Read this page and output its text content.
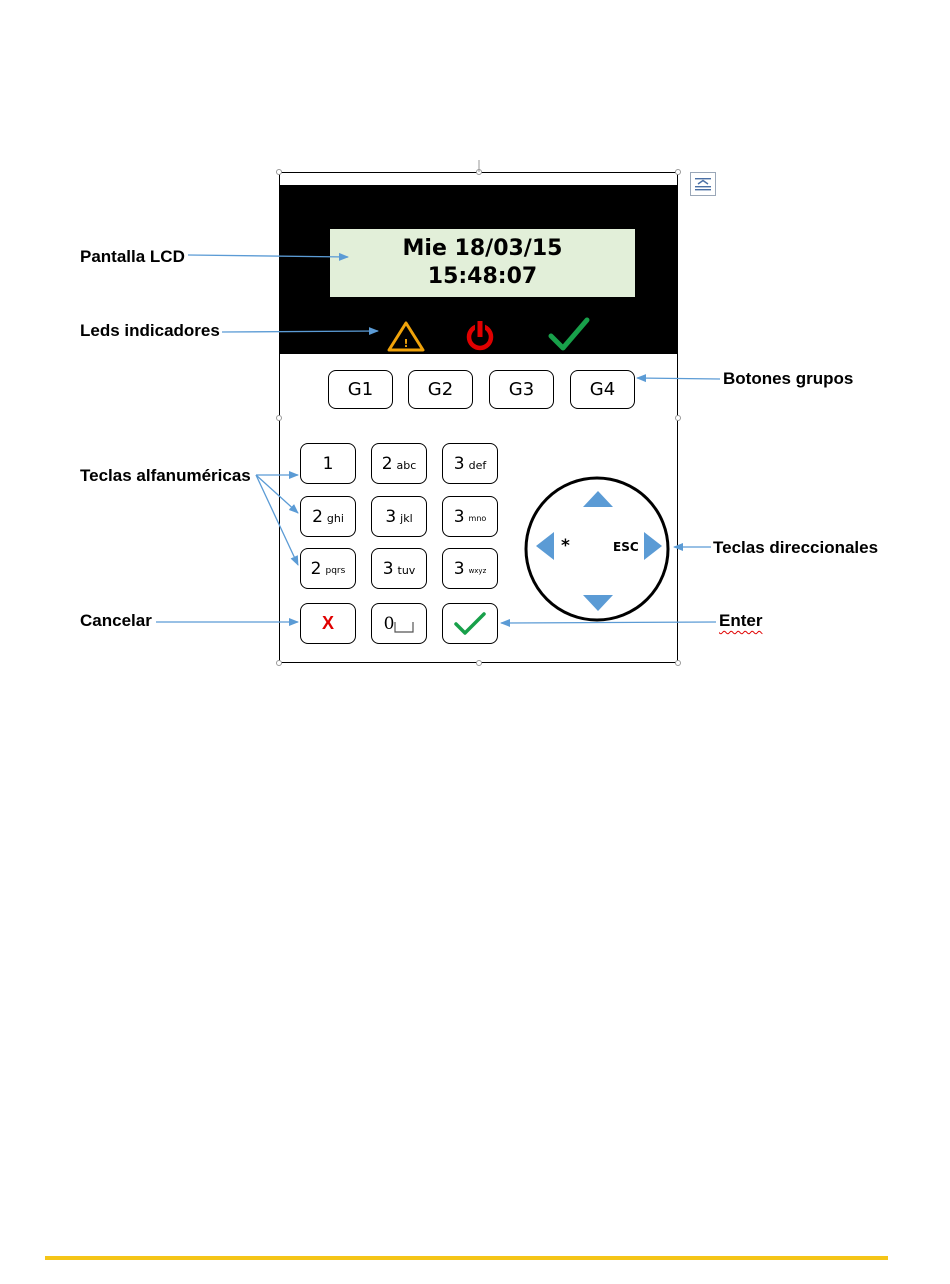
Mie 18/03/15
15:48:07
!
G1	G2	G3	G4
1	2 abc 3 def
2 ghi 3 jkl 3 mno
2 pqrs 3 tuv 3 wxyz
X	0
*	ESC
Pantalla LCD
Leds indicadores
Botones grupos
Teclas alfanuméricas
Teclas direccionales
Cancelar	Enter
